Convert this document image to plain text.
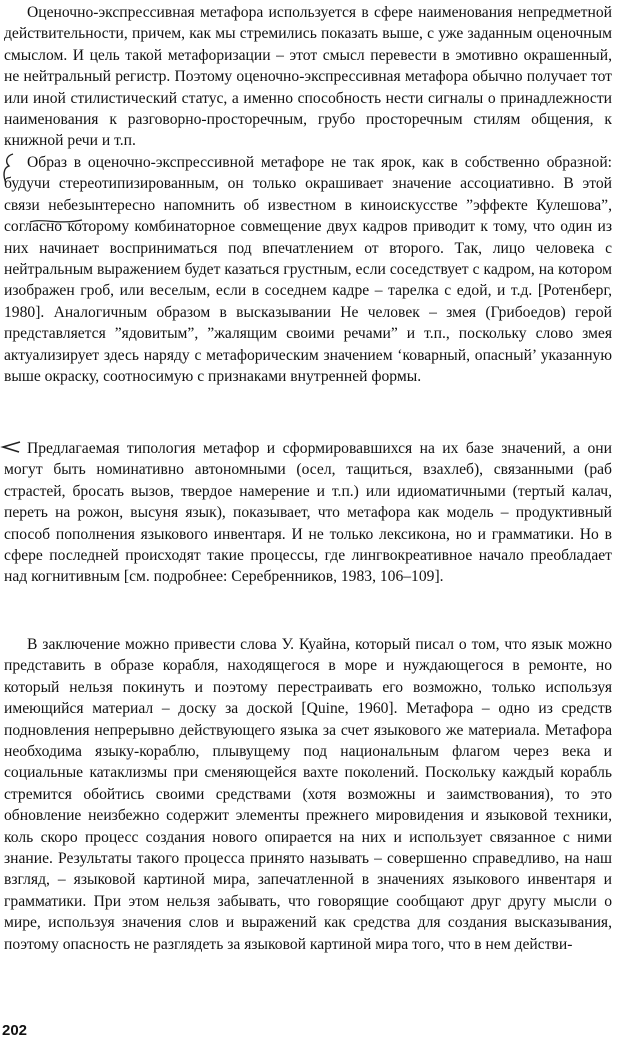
Оценочно-экспрессивная метафора используется в сфере наименования непредметной действительности, причем, как мы стремились показать выше, с уже заданным оценочным смыслом. И цель такой метафоризации – этот смысл перевести в эмотивно окрашенный, не нейтральный регистр. Поэтому оценочно-экспрессивная метафора обычно получает тот или иной стилистический статус, а именно способность нести сигналы о принадлежности наименования к разговорно-просторечным, грубо просторечным стилям общения, к книжной речи и т.п.

Образ в оценочно-экспрессивной метафоре не так ярок, как в собственно образной: будучи стереотипизированным, он только окрашивает значение ассоциативно. В этой связи небезынтересно напомнить об известном в киноискусстве ”эффекте Кулешова”, согласно которому комбинаторное совмещение двух кадров приводит к тому, что один из них начинает восприниматься под впечатлением от второго. Так, лицо человека с нейтральным выражением будет казаться грустным, если соседствует с кадром, на котором изображен гроб, или веселым, если в соседнем кадре – тарелка с едой, и т.д. [Ротенберг, 1980]. Аналогичным образом в высказывании Не человек – змея (Грибоедов) герой представляется ”ядовитым”, ”жалящим своими речами” и т.п., поскольку слово змея актуализирует здесь наряду с метафорическим значением ‘коварный, опасный’ указанную выше окраску, соотносимую с признаками внутренней формы.

Предлагаемая типология метафор и сформировавшихся на их базе значений, а они могут быть номинативно автономными (осел, тащиться, взахлеб), связанными (раб страстей, бросать вызов, твердое намерение и т.п.) или идиоматичными (тертый калач, переть на рожон, высуня язык), показывает, что метафора как модель – продуктивный способ пополнения языкового инвентаря. И не только лексикона, но и грамматики. Но в сфере последней происходят такие процессы, где лингвокреативное начало преобладает над когнитивным [см. подробнее: Серебренников, 1983, 106–109].

В заключение можно привести слова У. Куайна, который писал о том, что язык можно представить в образе корабля, находящегося в море и нуждающегося в ремонте, но который нельзя покинуть и поэтому перестраивать его возможно, только используя имеющийся материал – доску за доской [Quine, 1960]. Метафора – одно из средств подновления непрерывно действующего языка за счет языкового же материала. Метафора необходима языку-кораблю, плывущему под национальным флагом через века и социальные катаклизмы при сменяющейся вахте поколений. Поскольку каждый корабль стремится обойтись своими средствами (хотя возможны и заимствования), то это обновление неизбежно содержит элементы прежнего мировидения и языковой техники, коль скоро процесс создания нового опирается на них и использует связанное с ними знание. Результаты такого процесса принято называть – совершенно справедливо, на наш взгляд, – языковой картиной мира, запечатленной в значениях языкового инвентаря и грамматики. При этом нельзя забывать, что говорящие сообщают друг другу мысли о мире, используя значения слов и выражений как средства для создания высказывания, поэтому опасность не разглядеть за языковой картиной мира того, что в нем действи-

202
